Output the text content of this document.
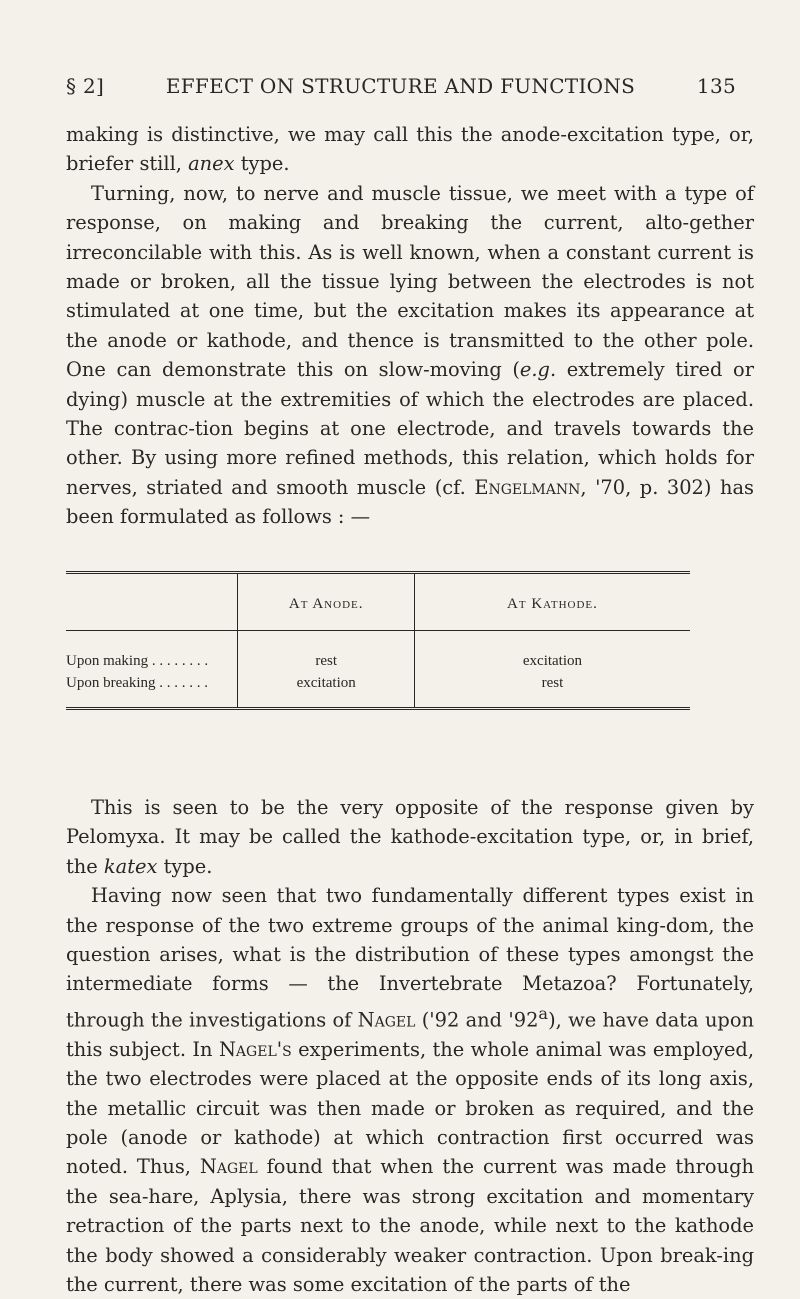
§ 2]	EFFECT ON STRUCTURE AND FUNCTIONS	135

making is distinctive, we may call this the anode-excitation type, or, briefer still, anex type.

Turning, now, to nerve and muscle tissue, we meet with a type of response, on making and breaking the current, alto-gether irreconcilable with this. As is well known, when a constant current is made or broken, all the tissue lying between the electrodes is not stimulated at one time, but the excitation makes its appearance at the anode or kathode, and thence is transmitted to the other pole. One can demonstrate this on slow-moving (e.g. extremely tired or dying) muscle at the extremities of which the electrodes are placed. The contrac-tion begins at one electrode, and travels towards the other. By using more refined methods, this relation, which holds for nerves, striated and smooth muscle (cf. Engelmann, '70, p. 302) has been formulated as follows : —

	At Anode.	At Kathode.
Upon making . . . . . . . .	rest	excitation
Upon breaking . . . . . . .	excitation	rest

This is seen to be the very opposite of the response given by Pelomyxa. It may be called the kathode-excitation type, or, in brief, the katex type.

Having now seen that two fundamentally different types exist in the response of the two extreme groups of the animal king-dom, the question arises, what is the distribution of these types amongst the intermediate forms — the Invertebrate Metazoa? Fortunately, through the investigations of Nagel ('92 and '92$^a$), we have data upon this subject. In Nagel's experiments, the whole animal was employed, the two electrodes were placed at the opposite ends of its long axis, the metallic circuit was then made or broken as required, and the pole (anode or kathode) at which contraction first occurred was noted. Thus, Nagel found that when the current was made through the sea-hare, Aplysia, there was strong excitation and momentary retraction of the parts next to the anode, while next to the kathode the body showed a considerably weaker contraction. Upon break-ing the current, there was some excitation of the parts of the
